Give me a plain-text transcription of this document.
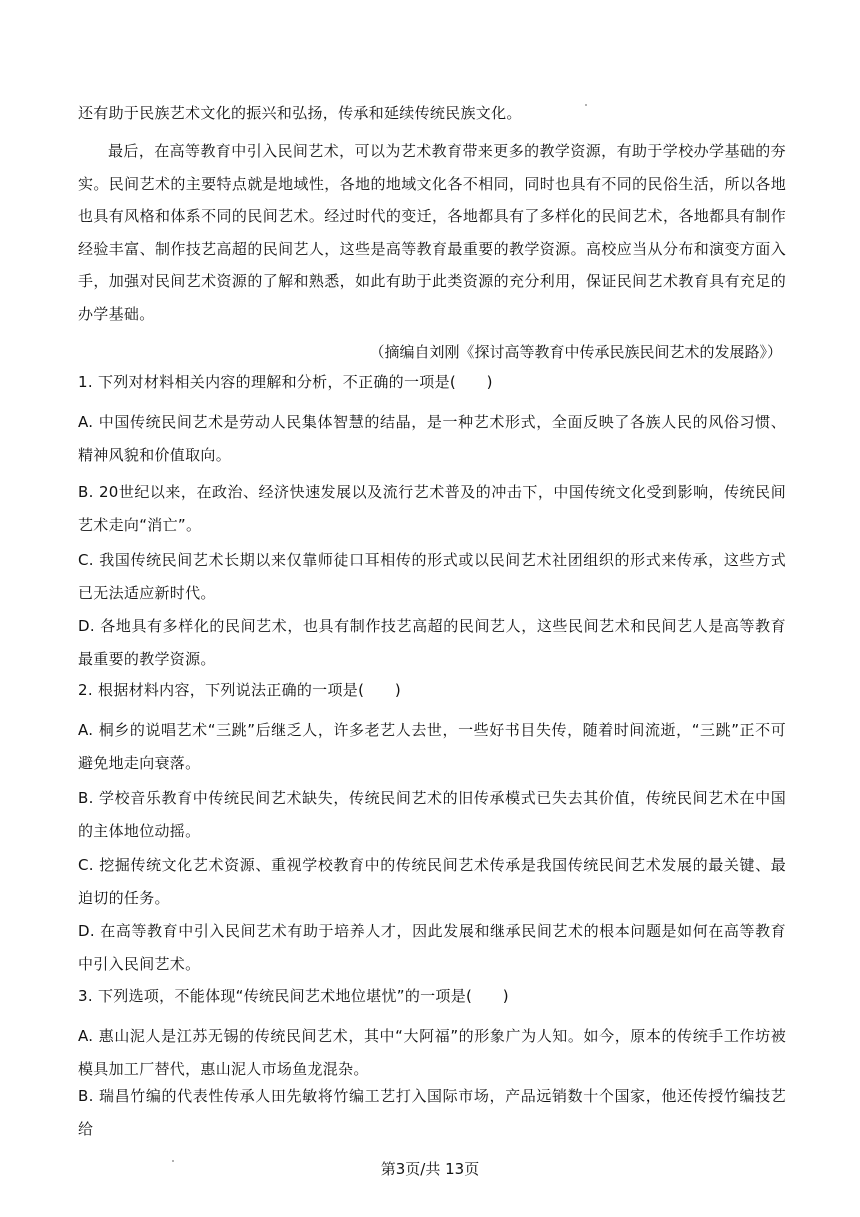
还有助于民族艺术文化的振兴和弘扬，传承和延续传统民族文化。

最后，在高等教育中引入民间艺术，可以为艺术教育带来更多的教学资源，有助于学校办学基础的夯实。民间艺术的主要特点就是地域性，各地的地域文化各不相同，同时也具有不同的民俗生活，所以各地也具有风格和体系不同的民间艺术。经过时代的变迁，各地都具有了多样化的民间艺术，各地都具有制作经验丰富、制作技艺高超的民间艺人，这些是高等教育最重要的教学资源。高校应当从分布和演变方面入手，加强对民间艺术资源的了解和熟悉，如此有助于此类资源的充分利用，保证民间艺术教育具有充足的办学基础。

（摘编自刘刚《探讨高等教育中传承民族民间艺术的发展路》）

1. 下列对材料相关内容的理解和分析，不正确的一项是(　　)

A. 中国传统民间艺术是劳动人民集体智慧的结晶，是一种艺术形式，全面反映了各族人民的风俗习惯、精神风貌和价值取向。

B. 20世纪以来，在政治、经济快速发展以及流行艺术普及的冲击下，中国传统文化受到影响，传统民间艺术走向“消亡”。

C. 我国传统民间艺术长期以来仅靠师徒口耳相传的形式或以民间艺术社团组织的形式来传承，这些方式已无法适应新时代。

D. 各地具有多样化的民间艺术，也具有制作技艺高超的民间艺人，这些民间艺术和民间艺人是高等教育最重要的教学资源。

2. 根据材料内容，下列说法正确的一项是(　　)

A. 桐乡的说唱艺术“三跳”后继乏人，许多老艺人去世，一些好书目失传，随着时间流逝，“三跳”正不可避免地走向衰落。

B. 学校音乐教育中传统民间艺术缺失，传统民间艺术的旧传承模式已失去其价值，传统民间艺术在中国的主体地位动摇。

C. 挖掘传统文化艺术资源、重视学校教育中的传统民间艺术传承是我国传统民间艺术发展的最关键、最迫切的任务。

D. 在高等教育中引入民间艺术有助于培养人才，因此发展和继承民间艺术的根本问题是如何在高等教育中引入民间艺术。

3. 下列选项，不能体现“传统民间艺术地位堪忧”的一项是(　　)

A. 惠山泥人是江苏无锡的传统民间艺术，其中“大阿福”的形象广为人知。如今，原本的传统手工作坊被模具加工厂替代，惠山泥人市场鱼龙混杂。

B. 瑞昌竹编的代表性传承人田先敏将竹编工艺打入国际市场，产品远销数十个国家，他还传授竹编技艺给

第3页/共 13页
